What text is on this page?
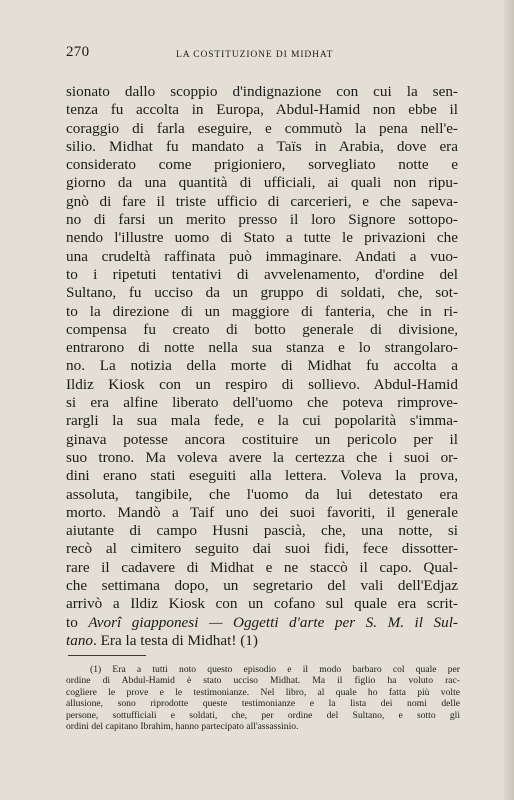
270	LA COSTITUZIONE DI MIDHAT
sionato dallo scoppio d'indignazione con cui la sen-
tenza fu accolta in Europa, Abdul-Hamid non ebbe il
coraggio di farla eseguire, e commutò la pena nell'e-
silio. Midhat fu mandato a Taïs in Arabia, dove era
considerato come prigioniero, sorvegliato notte e
giorno da una quantità di ufficiali, ai quali non ripu-
gnò di fare il triste ufficio di carcerieri, e che sapeva-
no di farsi un merito presso il loro Signore sottopo-
nendo l'illustre uomo di Stato a tutte le privazioni che
una crudeltà raffinata può immaginare. Andati a vuo-
to i ripetuti tentativi di avvelenamento, d'ordine del
Sultano, fu ucciso da un gruppo di soldati, che, sot-
to la direzione di un maggiore di fanteria, che in ri-
compensa fu creato di botto generale di divisione,
entrarono di notte nella sua stanza e lo strangolaro-
no. La notizia della morte di Midhat fu accolta a
Ildiz Kiosk con un respiro di sollievo. Abdul-Hamid
si era alfine liberato dell'uomo che poteva rimprove-
rargli la sua mala fede, e la cui popolarità s'imma-
ginava potesse ancora costituire un pericolo per il
suo trono. Ma voleva avere la certezza che i suoi or-
dini erano stati eseguiti alla lettera. Voleva la prova,
assoluta, tangibile, che l'uomo da lui detestato era
morto. Mandò a Taif uno dei suoi favoriti, il generale
aiutante di campo Husni pascià, che, una notte, si
recò al cimitero seguito dai suoi fidi, fece dissotter-
rare il cadavere di Midhat e ne staccò il capo. Qual-
che settimana dopo, un segretario del vali dell'Edjaz
arrivò a Ildiz Kiosk con un cofano sul quale era scrit-
to Avorî giapponesi — Oggetti d'arte per S. M. il Sul-
tano. Era la testa di Midhat! (1)
(1) Era a tutti noto questo episodio e il modo barbaro col quale per
ordine di Abdul-Hamid è stato ucciso Midhat. Ma il figlio ha voluto rac-
cogliere le prove e le testimonianze. Nel libro, al quale ho fatta più volte
allusione, sono riprodotte queste testimonianze e la lista dei nomi delle
persone, sottufficiali e soldati, che, per ordine del Sultano, e sotto gli
ordini del capitano Ibrahim, hanno partecipato all'assassinio.
